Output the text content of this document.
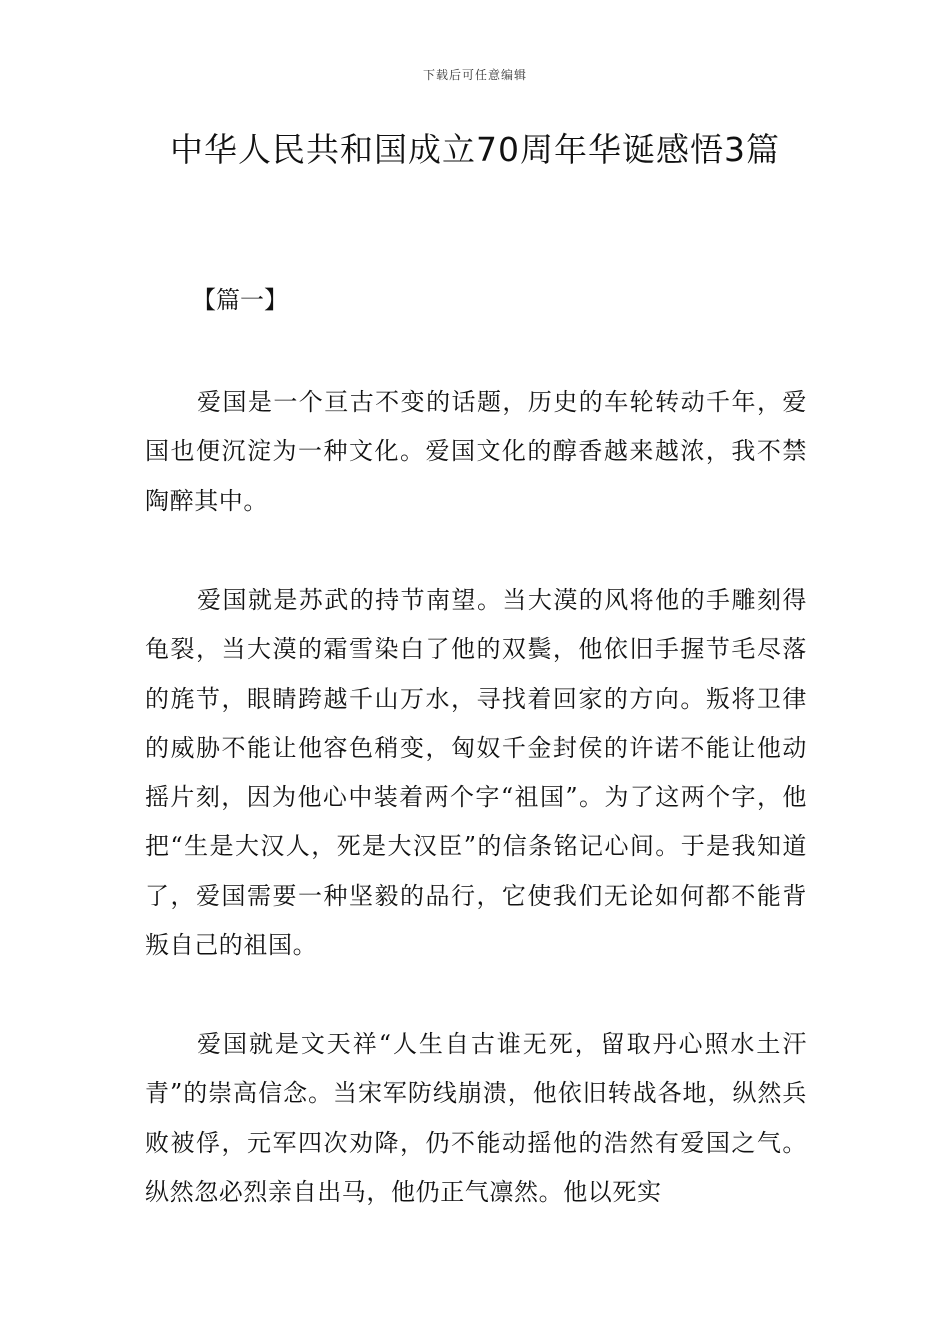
下载后可任意编辑
中华人民共和国成立70周年华诞感悟3篇

【篇一】

爱国是一个亘古不变的话题，历史的车轮转动千年，爱国也便沉淀为一种文化。爱国文化的醇香越来越浓，我不禁陶醉其中。

爱国就是苏武的持节南望。当大漠的风将他的手雕刻得龟裂，当大漠的霜雪染白了他的双鬓，他依旧手握节毛尽落的旄节，眼睛跨越千山万水，寻找着回家的方向。叛将卫律的威胁不能让他容色稍变，匈奴千金封侯的许诺不能让他动摇片刻，因为他心中装着两个字“祖国”。为了这两个字，他把“生是大汉人，死是大汉臣”的信条铭记心间。于是我知道了，爱国需要一种坚毅的品行，它使我们无论如何都不能背叛自己的祖国。

爱国就是文天祥“人生自古谁无死，留取丹心照水土汗青”的崇高信念。当宋军防线崩溃，他依旧转战各地，纵然兵败被俘，元军四次劝降，仍不能动摇他的浩然有爱国之气。纵然忽必烈亲自出马，他仍正气凛然。他以死实
